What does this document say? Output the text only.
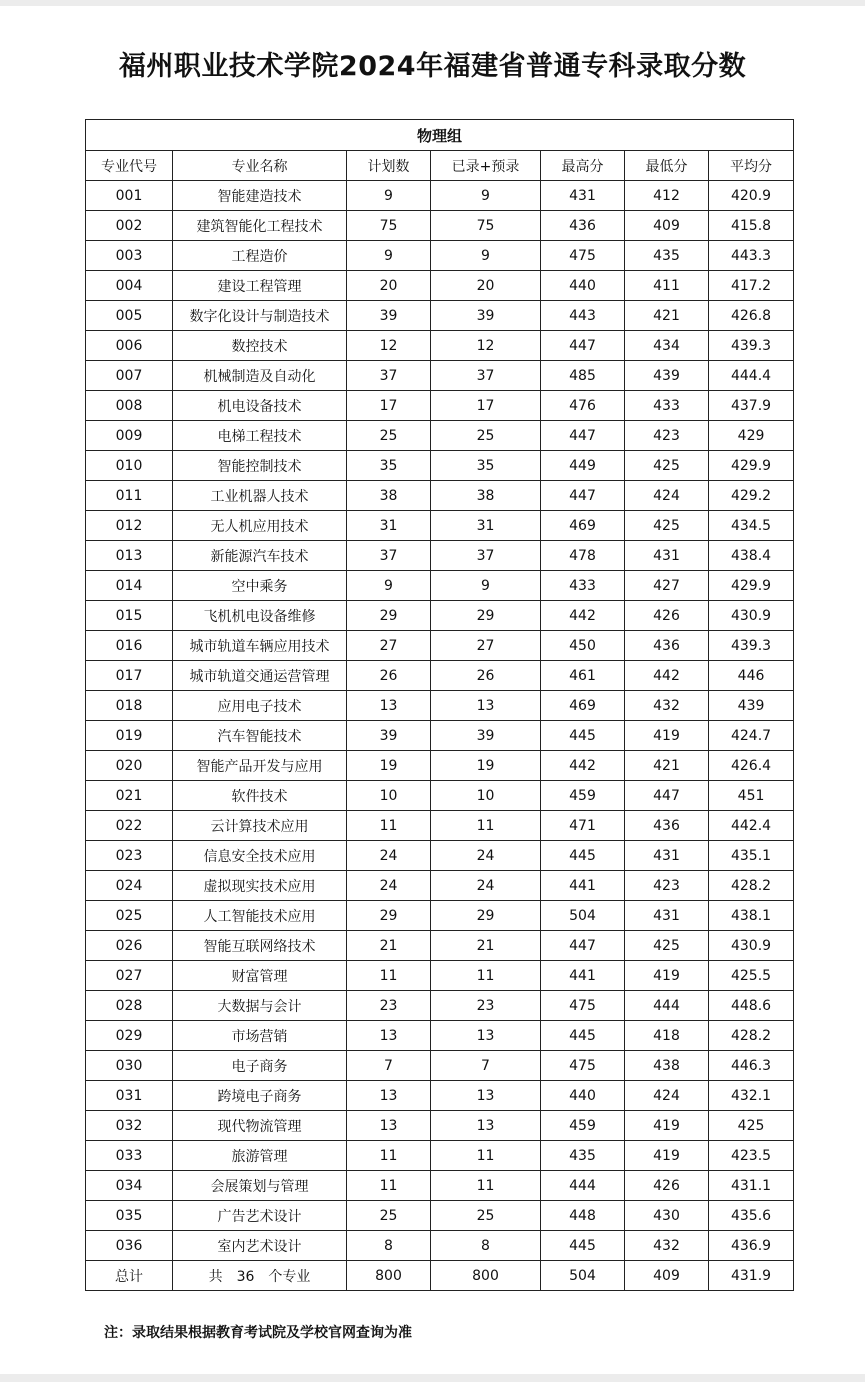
福州职业技术学院2024年福建省普通专科录取分数
物理组						
专业代号	专业名称	计划数	已录+预录	最高分	最低分	平均分
001	智能建造技术	9	9	431	412	420.9
002	建筑智能化工程技术	75	75	436	409	415.8
003	工程造价	9	9	475	435	443.3
004	建设工程管理	20	20	440	411	417.2
005	数字化设计与制造技术	39	39	443	421	426.8
006	数控技术	12	12	447	434	439.3
007	机械制造及自动化	37	37	485	439	444.4
008	机电设备技术	17	17	476	433	437.9
009	电梯工程技术	25	25	447	423	429
010	智能控制技术	35	35	449	425	429.9
011	工业机器人技术	38	38	447	424	429.2
012	无人机应用技术	31	31	469	425	434.5
013	新能源汽车技术	37	37	478	431	438.4
014	空中乘务	9	9	433	427	429.9
015	飞机机电设备维修	29	29	442	426	430.9
016	城市轨道车辆应用技术	27	27	450	436	439.3
017	城市轨道交通运营管理	26	26	461	442	446
018	应用电子技术	13	13	469	432	439
019	汽车智能技术	39	39	445	419	424.7
020	智能产品开发与应用	19	19	442	421	426.4
021	软件技术	10	10	459	447	451
022	云计算技术应用	11	11	471	436	442.4
023	信息安全技术应用	24	24	445	431	435.1
024	虚拟现实技术应用	24	24	441	423	428.2
025	人工智能技术应用	29	29	504	431	438.1
026	智能互联网络技术	21	21	447	425	430.9
027	财富管理	11	11	441	419	425.5
028	大数据与会计	23	23	475	444	448.6
029	市场营销	13	13	445	418	428.2
030	电子商务	7	7	475	438	446.3
031	跨境电子商务	13	13	440	424	432.1
032	现代物流管理	13	13	459	419	425
033	旅游管理	11	11	435	419	423.5
034	会展策划与管理	11	11	444	426	431.1
035	广告艺术设计	25	25	448	430	435.6
036	室内艺术设计	8	8	445	432	436.9
总计	共　36　个专业	800	800	504	409	431.9
注：录取结果根据教育考试院及学校官网查询为准
